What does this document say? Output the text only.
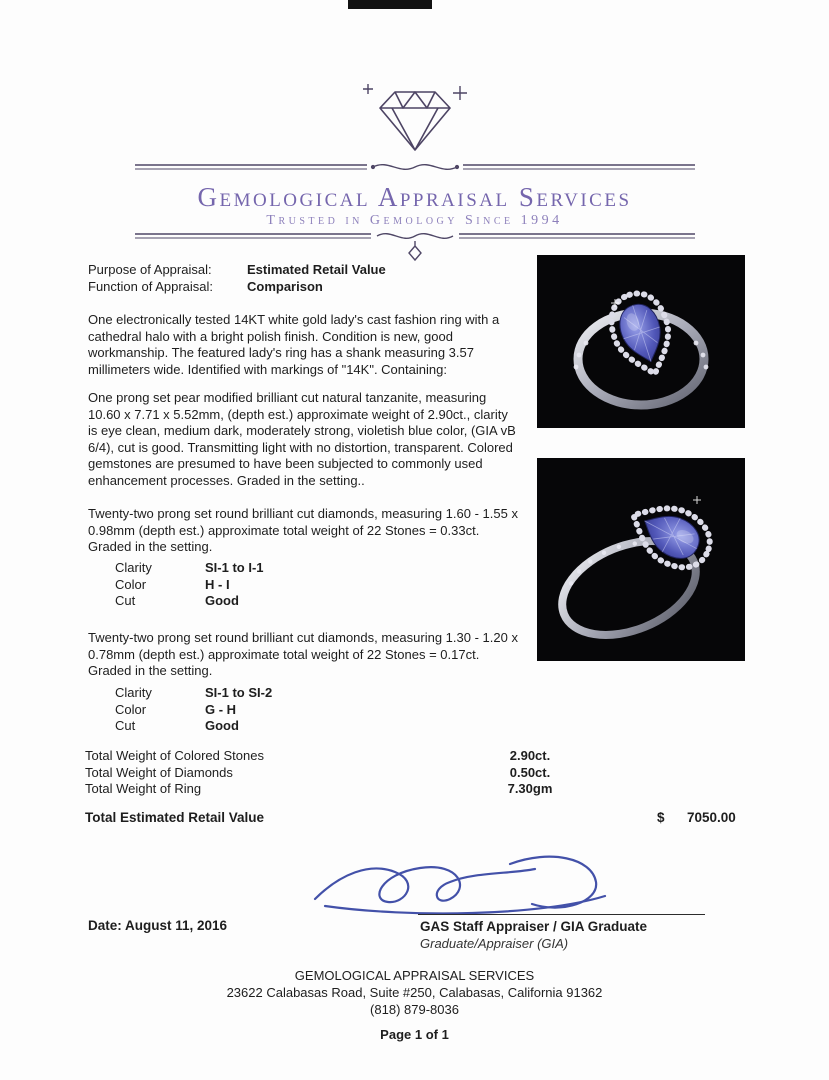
Gemological Appraisal Services
Trusted in Gemology Since 1994
Purpose of Appraisal:	Estimated Retail Value
Function of Appraisal:	Comparison
One electronically tested 14KT white gold lady's cast fashion ring with a cathedral halo with a bright polish finish. Condition is new, good workmanship. The featured lady's ring has a shank measuring 3.57 millimeters wide. Identified with markings of "14K". Containing:
One prong set pear modified brilliant cut natural tanzanite, measuring 10.60 x 7.71 x 5.52mm, (depth est.) approximate weight of 2.90ct., clarity is eye clean, medium dark, moderately strong, violetish blue color, (GIA vB 6/4), cut is good. Transmitting light with no distortion, transparent. Colored gemstones are presumed to have been subjected to commonly used enhancement processes. Graded in the setting..
Twenty-two prong set round brilliant cut diamonds, measuring 1.60 - 1.55 x 0.98mm (depth est.) approximate total weight of 22 Stones = 0.33ct. Graded in the setting.
Clarity	SI-1 to I-1
Color	H - I
Cut	Good
Twenty-two prong set round brilliant cut diamonds, measuring 1.30 - 1.20 x 0.78mm (depth est.) approximate total weight of 22 Stones = 0.17ct. Graded in the setting.
Clarity	SI-1 to SI-2
Color	G - H
Cut	Good
Total Weight of Colored Stones	2.90ct.
Total Weight of Diamonds	0.50ct.
Total Weight of Ring	7.30gm
Total Estimated Retail Value	$ 7050.00
Date: August 11, 2016	GAS Staff Appraiser / GIA Graduate
Graduate/Appraiser (GIA)
GEMOLOGICAL APPRAISAL SERVICES
23622 Calabasas Road, Suite #250, Calabasas, California 91362
(818) 879-8036
Page 1 of 1
